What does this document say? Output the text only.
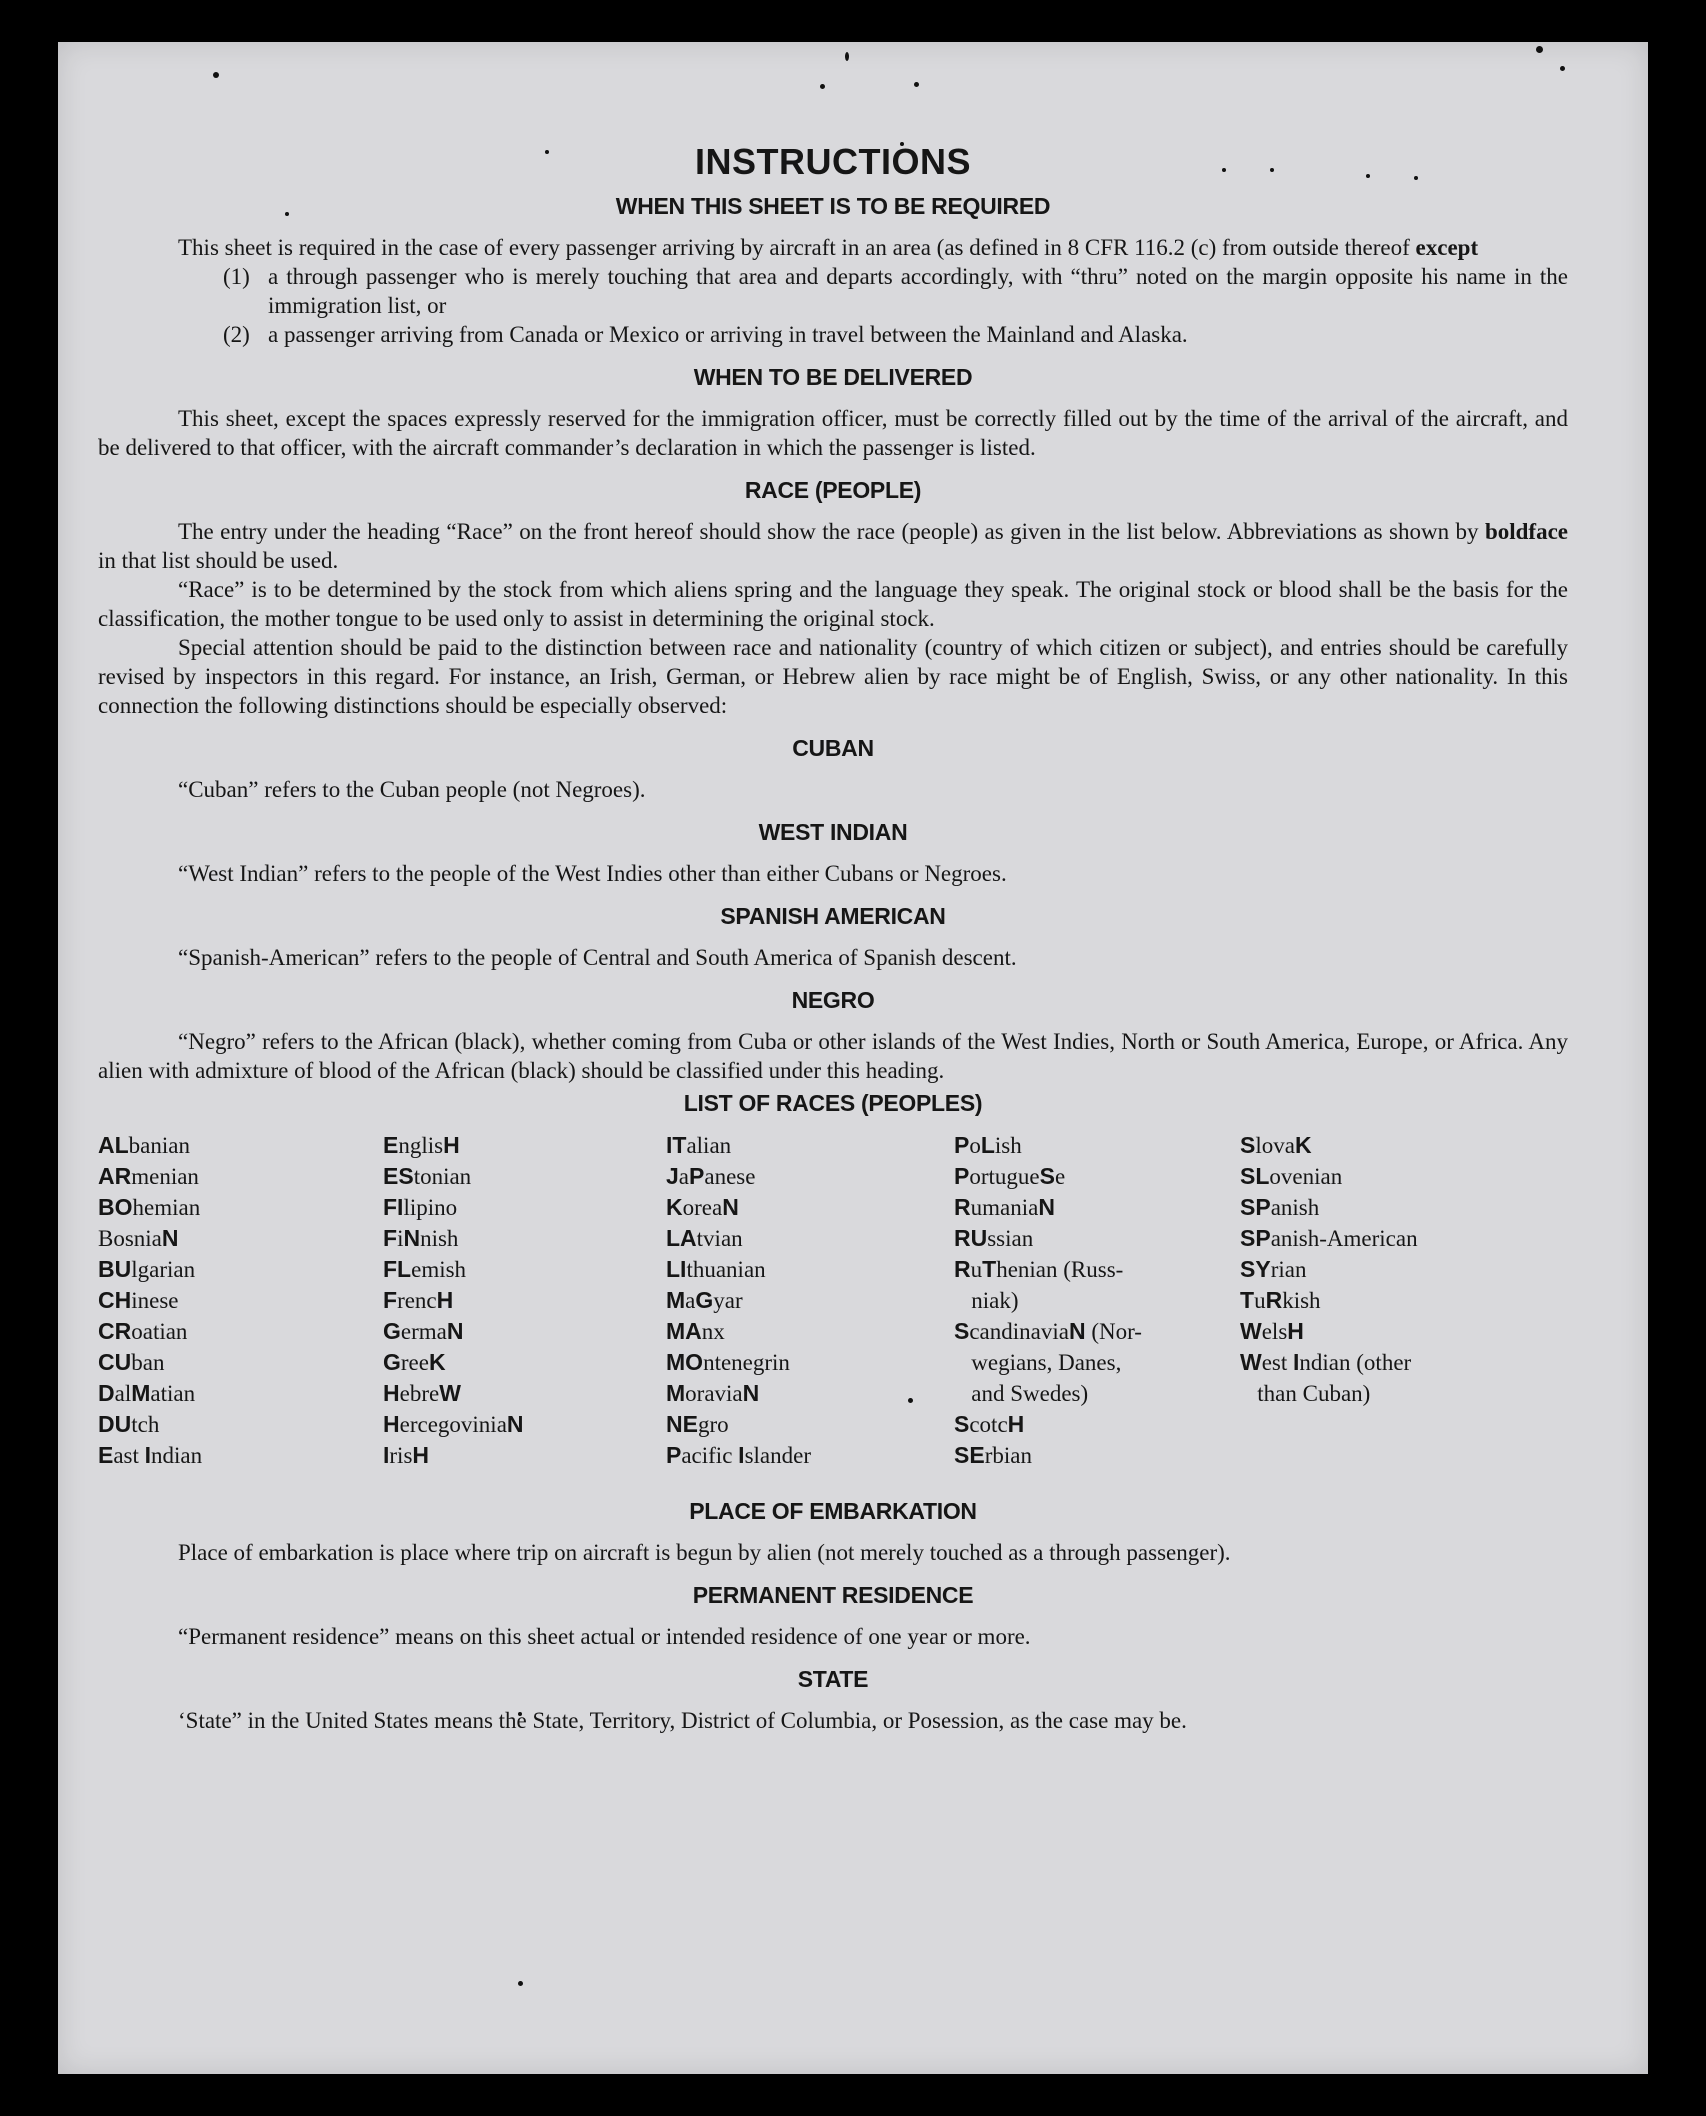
INSTRUCTIONS
WHEN THIS SHEET IS TO BE REQUIRED

This sheet is required in the case of every passenger arriving by aircraft in an area (as defined in 8 CFR 116.2 (c) from outside thereof except

(1) a through passenger who is merely touching that area and departs accordingly, with “thru” noted on the margin opposite his name in the immigration list, or
(2) a passenger arriving from Canada or Mexico or arriving in travel between the Mainland and Alaska.
WHEN TO BE DELIVERED

This sheet, except the spaces expressly reserved for the immigration officer, must be correctly filled out by the time of the arrival of the aircraft, and be delivered to that officer, with the aircraft commander’s declaration in which the passenger is listed.

RACE (PEOPLE)

The entry under the heading “Race” on the front hereof should show the race (people) as given in the list below. Abbreviations as shown by boldface in that list should be used.

“Race” is to be determined by the stock from which aliens spring and the language they speak. The original stock or blood shall be the basis for the classification, the mother tongue to be used only to assist in determining the original stock.

Special attention should be paid to the distinction between race and nationality (country of which citizen or subject), and entries should be carefully revised by inspectors in this regard. For instance, an Irish, German, or Hebrew alien by race might be of English, Swiss, or any other nationality. In this connection the following distinctions should be especially observed:

CUBAN

“Cuban” refers to the Cuban people (not Negroes).

WEST INDIAN

“West Indian” refers to the people of the West Indies other than either Cubans or Negroes.

SPANISH AMERICAN

“Spanish-American” refers to the people of Central and South America of Spanish descent.

NEGRO

“Negro” refers to the African (black), whether coming from Cuba or other islands of the West Indies, North or South America, Europe, or Africa. Any alien with admixture of blood of the African (black) should be classified under this heading.

LIST OF RACES (PEOPLES)
ALbanian
ARmenian
BOhemian
BosniaN
BUlgarian
CHinese
CRoatian
CUban
DalMatian
DUtch
East Indian
EnglisH
EStonian
FIlipino
FiNnish
FLemish
FrencH
GermaN
GreeK
HebreW
HercegoviniaN
IrisH
ITalian
JaPanese
KoreaN
LAtvian
LIthuanian
MaGyar
MAnx
MOntenegrin
MoraviaN
NEgro
Pacific Islander
PoLish
PortugueSe
RumaniaN
RUssian
RuThenian (Russ-
niak)
ScandinaviaN (Nor-
wegians, Danes,
and Swedes)
ScotcH
SErbian
SlovaK
SLovenian
SPanish
SPanish-American
SYrian
TuRkish
WelsH
West Indian (other
than Cuban)
PLACE OF EMBARKATION

Place of embarkation is place where trip on aircraft is begun by alien (not merely touched as a through passenger).

PERMANENT RESIDENCE

“Permanent residence” means on this sheet actual or intended residence of one year or more.

STATE

‘State” in the United States means the State, Territory, District of Columbia, or Posession, as the case may be.
